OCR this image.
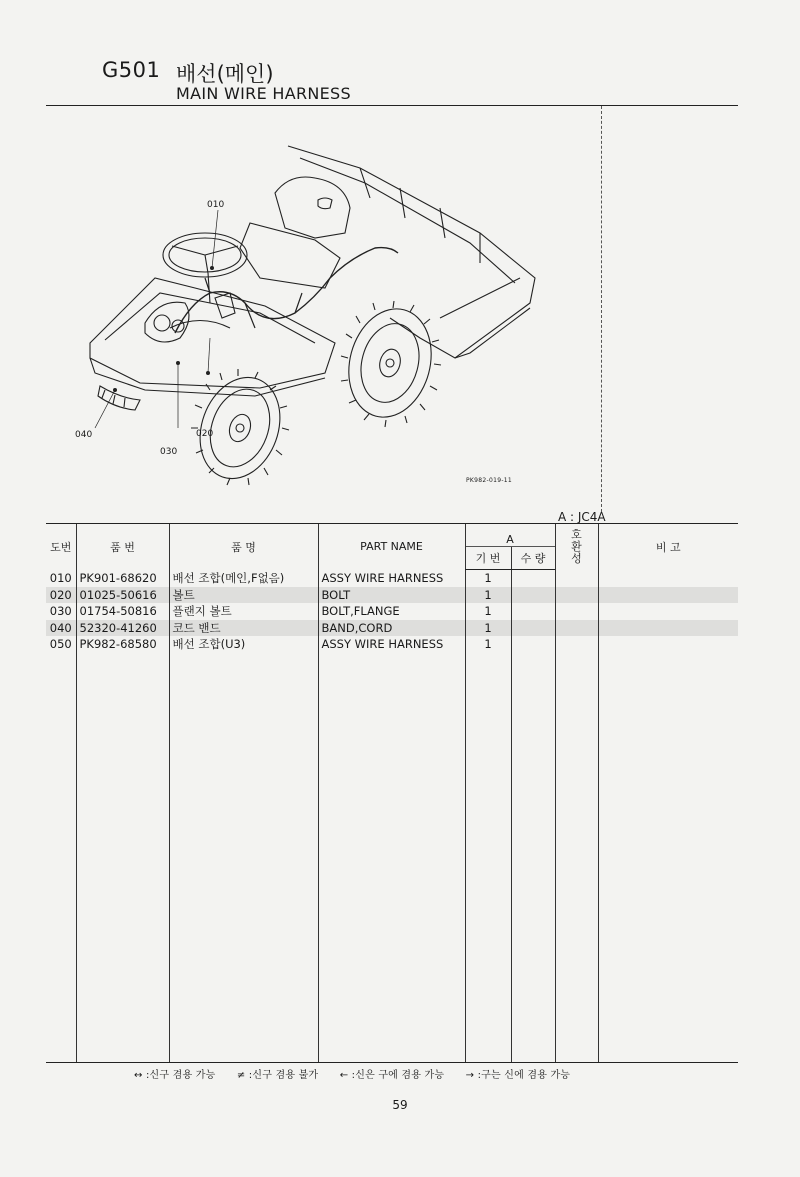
G501 배선(메인)
MAIN WIRE HARNESS
010
020
030
040
PK982-019-11
A : JC4A
도번	품 번	품 명	PART NAME	A		호 환 성	비 고
				기 번	수 량		
010	PK901-68620	배선 조합(메인,F없음)	ASSY WIRE HARNESS	1			
020	01025-50616	볼트	BOLT	1			
030	01754-50816	플랜지 볼트	BOLT,FLANGE	1			
040	52320-41260	코드 밴드	BAND,CORD	1			
050	PK982-68580	배선 조합(U3)	ASSY WIRE HARNESS	1			

↔ :신구 겸용 가능 ≠ :신구 겸용 불가 ← :신은 구에 겸용 가능 → :구는 신에 겸용 가능
59
